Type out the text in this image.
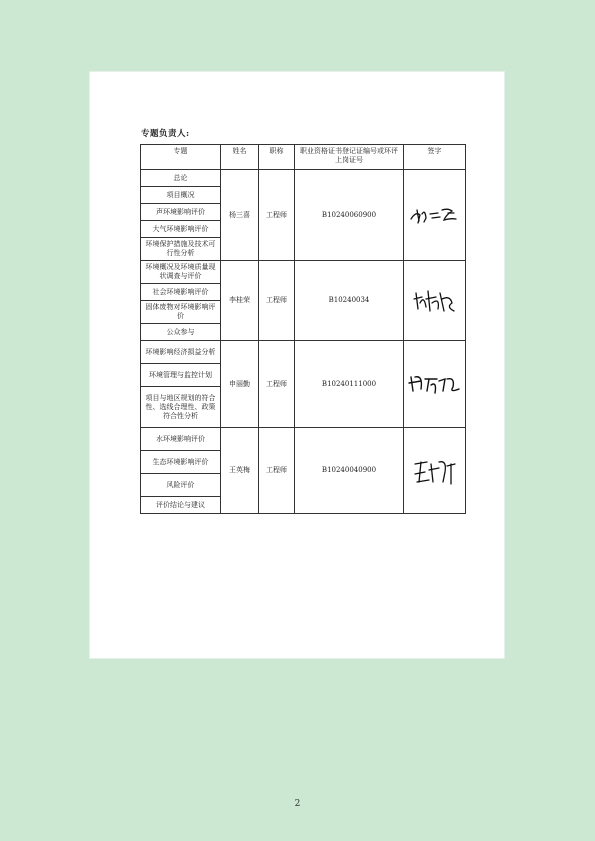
专题负责人:
专题	姓名	职称	职业资格证书登记证编号或环评上岗证号	签字
总论	杨三喜	工程师	B10240060900	

项目概况				
声环境影响评价				
大气环境影响评价				
环境保护措施及技术可行性分析				
环境概况及环境质量现状调查与评价	李桂荣	工程师	B10240034	

社会环境影响评价				
固体废物对环境影响评价				
公众参与				
环境影响经济损益分析	申丽勤	工程师	B10240111000	

环境管理与监控计划				
项目与地区规划的符合性、选线合理性、政策符合性分析				
水环境影响评价	王英梅	工程师	B10240040900	

生态环境影响评价				
风险评价				
评价结论与建议				
2
